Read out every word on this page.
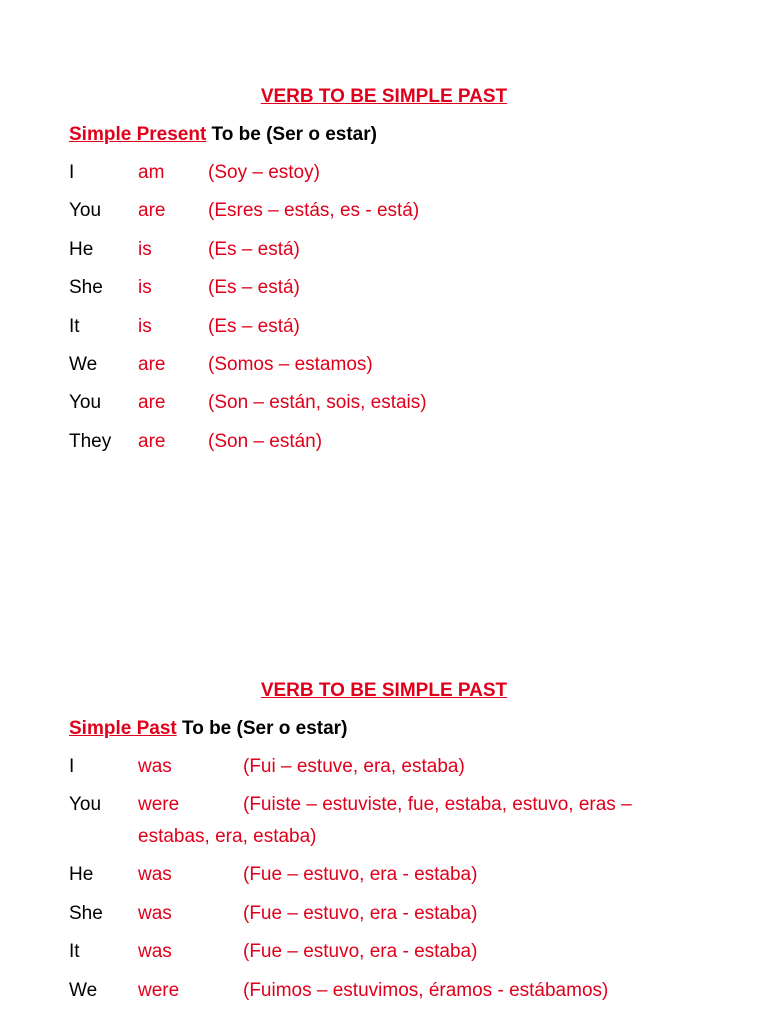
VERB TO BE SIMPLE PAST

Simple Present To be (Ser o estar)

I	am (Soy – estoy)
You are (Esres – estás, es - está)
He is	(Es – está)
She is	(Es – está)
It	is	(Es – está)
We are (Somos – estamos)
You are (Son – están, sois, estais)
They are (Son – están)

VERB TO BE SIMPLE PAST

Simple Past To be (Ser o estar)

I	was	(Fui – estuve, era, estaba)
You were	(Fuiste – estuviste, fue, estaba, estuvo, eras –
estabas, era, estaba)
He was	(Fue – estuvo, era - estaba)
She was	(Fue – estuvo, era - estaba)
It	was	(Fue – estuvo, era - estaba)
We were	(Fuimos – estuvimos, éramos - estábamos)
